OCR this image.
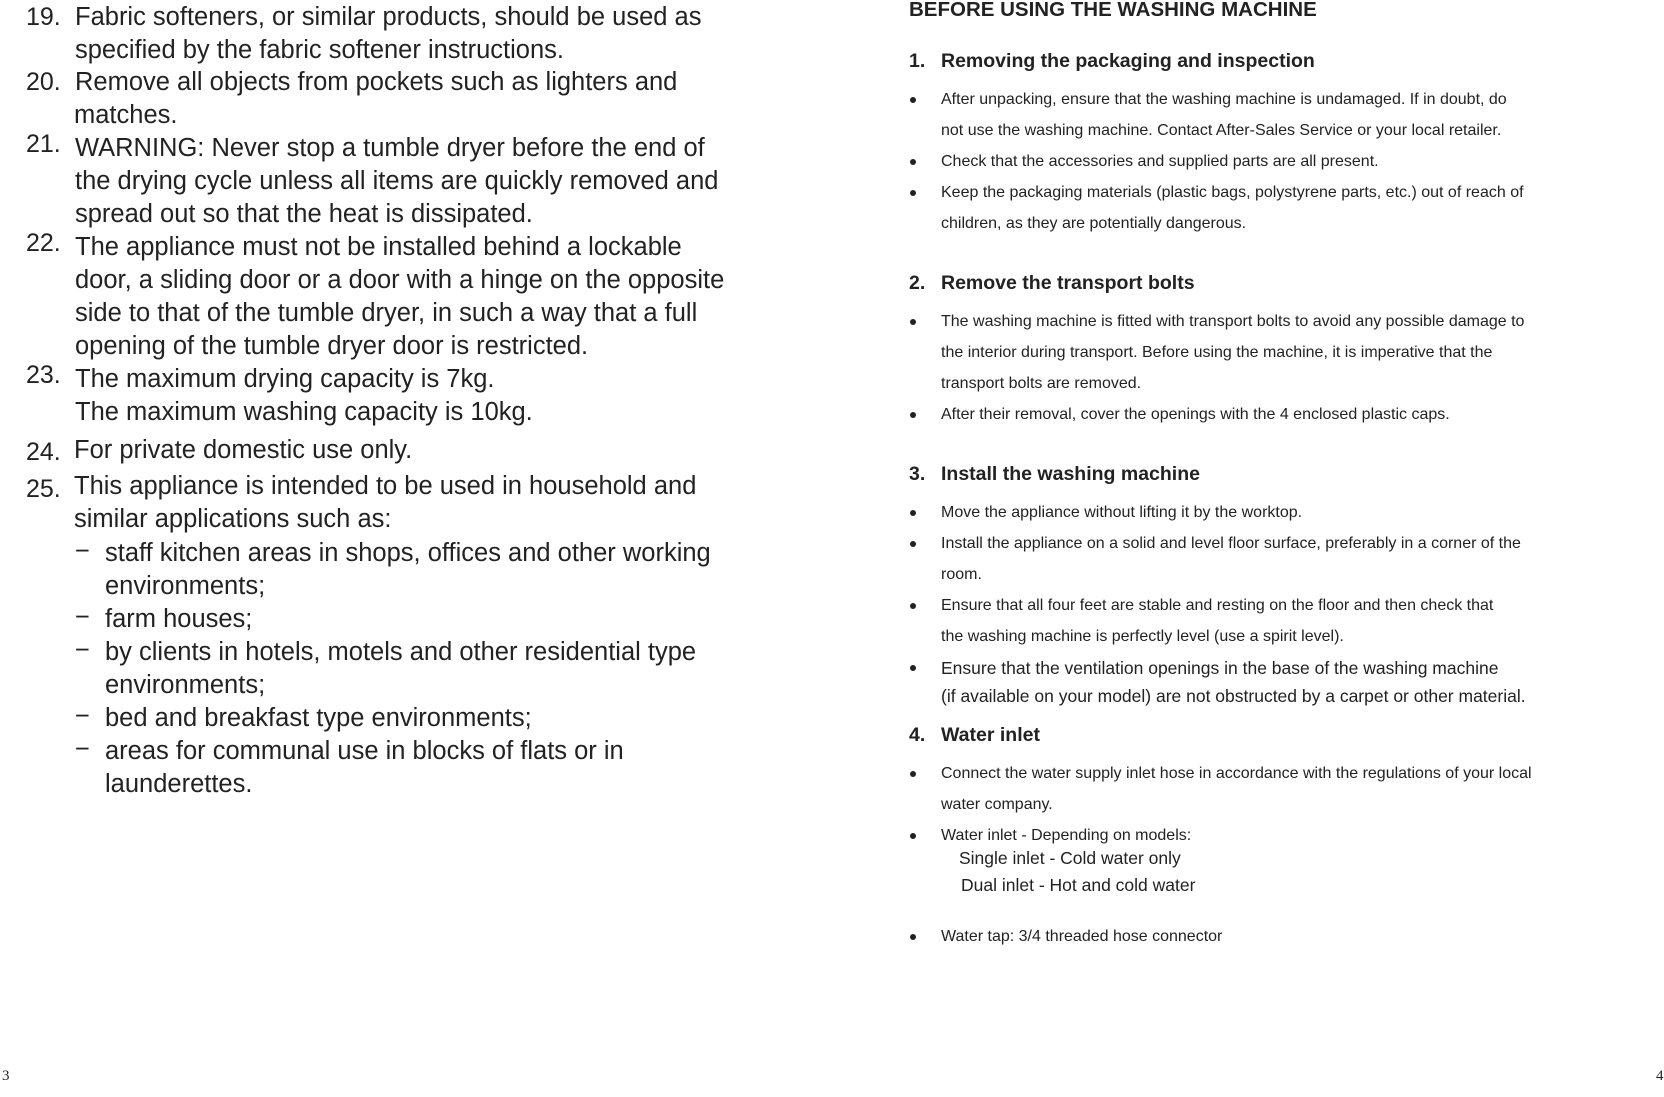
19. Fabric softeners, or similar products, should be used as
specified by the fabric softener instructions.
20. Remove all objects from pockets such as lighters and
matches.
21. WARNING: Never stop a tumble dryer before the end of
the drying cycle unless all items are quickly removed and
spread out so that the heat is dissipated.
22. The appliance must not be installed behind a lockable
door, a sliding door or a door with a hinge on the opposite
side to that of the tumble dryer, in such a way that a full
opening of the tumble dryer door is restricted.
23. The maximum drying capacity is 7kg.
The maximum washing capacity is 10kg.
24. For private domestic use only.
25. This appliance is intended to be used in household and
similar applications such as:
− staff kitchen areas in shops, offices and other working
environments;
− farm houses;
− by clients in hotels, motels and other residential type
environments;
− bed and breakfast type environments;
− areas for communal use in blocks of flats or in
launderettes.
3
BEFORE USING THE WASHING MACHINE
1. Removing the packaging and inspection
After unpacking, ensure that the washing machine is undamaged. If in doubt, do
not use the washing machine. Contact After-Sales Service or your local retailer.
Check that the accessories and supplied parts are all present.
Keep the packaging materials (plastic bags, polystyrene parts, etc.) out of reach of
children, as they are potentially dangerous.
2. Remove the transport bolts
The washing machine is fitted with transport bolts to avoid any possible damage to
the interior during transport. Before using the machine, it is imperative that the
transport bolts are removed.
After their removal, cover the openings with the 4 enclosed plastic caps.
3. Install the washing machine
Move the appliance without lifting it by the worktop.
Install the appliance on a solid and level floor surface, preferably in a corner of the
room.
Ensure that all four feet are stable and resting on the floor and then check that
the washing machine is perfectly level (use a spirit level).
Ensure that the ventilation openings in the base of the washing machine
(if available on your model) are not obstructed by a carpet or other material.
4. Water inlet
Connect the water supply inlet hose in accordance with the regulations of your local
water company.
Water inlet - Depending on models:
Single inlet - Cold water only
Dual inlet - Hot and cold water
Water tap: 3/4 threaded hose connector
4
